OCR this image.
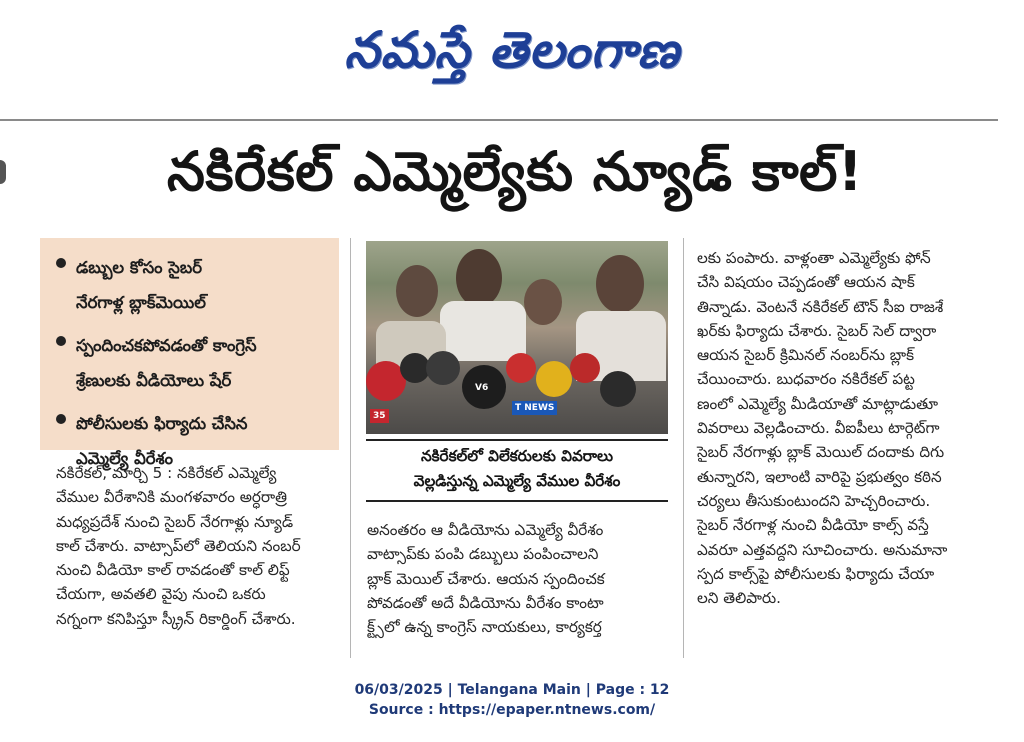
నమస్తే తెలంగాణ
నకిరేకల్ ఎమ్మెల్యేకు న్యూడ్ కాల్!
డబ్బుల కోసం సైబర్
నేరగాళ్ల బ్లాక్‌మెయిల్
స్పందించకపోవడంతో కాంగ్రెస్
శ్రేణులకు వీడియోలు షేర్
పోలీసులకు ఫిర్యాదు చేసిన
ఎమ్మెల్యే వీరేశం

నకిరేకల్, మార్చి 5 : నకిరేకల్ ఎమ్మెల్యే

వేముల వీరేశానికి మంగళవారం అర్ధరాత్రి

మధ్యప్రదేశ్ నుంచి సైబర్ నేరగాళ్లు న్యూడ్

కాల్ చేశారు. వాట్సాప్‌లో తెలియని నంబర్

నుంచి వీడియో కాల్ రావడంతో కాల్ లిఫ్ట్

చేయగా, అవతలి వైపు నుంచి ఒకరు

నగ్నంగా కనిపిస్తూ స్క్రీన్ రికార్డింగ్ చేశారు.

V6
T NEWS
35

నకిరేకల్‌లో విలేకరులకు వివరాలు

వెల్లడిస్తున్న ఎమ్మెల్యే వేముల వీరేశం

అనంతరం ఆ వీడియోను ఎమ్మెల్యే వీరేశం

వాట్సాప్‌కు పంపి డబ్బులు పంపించాలని

బ్లాక్ మెయిల్ చేశారు. ఆయన స్పందించక

పోవడంతో అదే వీడియోను వీరేశం కాంటా

క్ట్స్‌లో ఉన్న కాంగ్రెస్ నాయకులు, కార్యకర్త

లకు పంపారు. వాళ్లంతా ఎమ్మెల్యేకు ఫోన్

చేసి విషయం చెప్పడంతో ఆయన షాక్

తిన్నాడు. వెంటనే నకిరేకల్ టౌన్ సీఐ రాజశే

ఖర్‌కు ఫిర్యాదు చేశారు. సైబర్ సెల్ ద్వారా

ఆయన సైబర్ క్రిమినల్ నంబర్‌ను బ్లాక్

చేయించారు. బుధవారం నకిరేకల్ పట్ట

ణంలో ఎమ్మెల్యే మీడియాతో మాట్లాడుతూ

వివరాలు వెల్లడించారు. వీఐపీలు టార్గెట్‌గా

సైబర్ నేరగాళ్లు బ్లాక్ మెయిల్ దందాకు దిగు

తున్నారని, ఇలాంటి వారిపై ప్రభుత్వం కఠిన

చర్యలు తీసుకుంటుందని హెచ్చరించారు.

సైబర్ నేరగాళ్ల నుంచి వీడియో కాల్స్ వస్తే

ఎవరూ ఎత్తవద్దని సూచించారు. అనుమానా

స్పద కాల్స్‌పై పోలీసులకు ఫిర్యాదు చేయా

లని తెలిపారు.

06/03/2025 | Telangana Main | Page : 12

Source : https://epaper.ntnews.com/
